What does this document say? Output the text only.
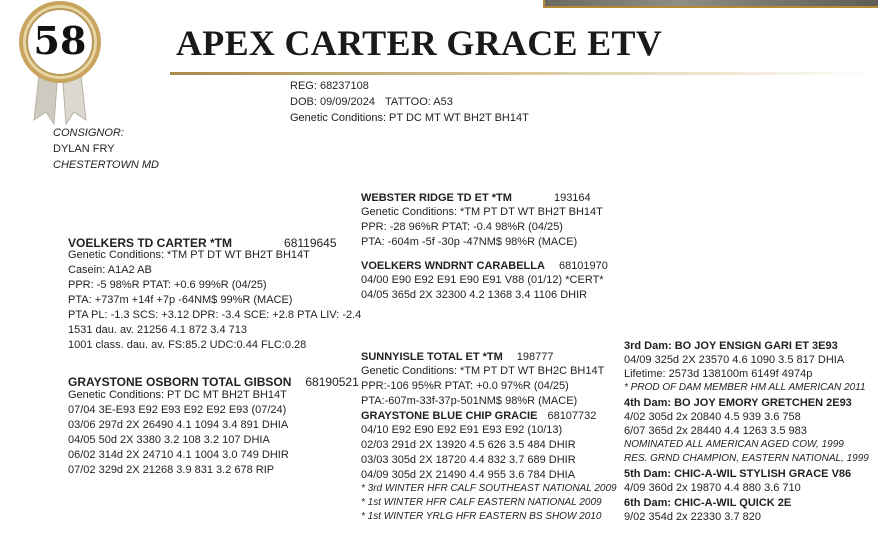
58	APEX CARTER GRACE ETV
REG: 68237108
DOB: 09/09/2024 TATTOO: A53
Genetic Conditions: PT DC MT WT BH2T BH14T
CONSIGNOR:
DYLAN FRY
CHESTERTOWN MD
WEBSTER RIDGE TD ET *TM	193164
Genetic Conditions: *TM PT DT WT BH2T BH14T
PPR: -28 96%R PTAT: -0.4 98%R (04/25)
PTA: -604m -5f -30p -47NM$ 98%R (MACE)
VOELKERS WNDRNT CARABELLA 68101970
04/00 E90 E92 E91 E90 E91 V88 (01/12) *CERT*
04/05 365d 2X 32300 4.2 1368 3.4 1106 DHIR
VOELKERS TD CARTER *TM	68119645
Genetic Conditions: *TM PT DT WT BH2T BH14T
Casein: A1A2 AB
PPR: -5 98%R PTAT: +0.6 99%R (04/25)
PTA: +737m +14f +7p -64NM$ 99%R (MACE)
PTA PL: -1.3 SCS: +3.12 DPR: -3.4 SCE: +2.8 PTA LIV: -2.4
1531 dau. av. 21256 4.1 872 3.4 713
1001 class. dau. av. FS:85.2 UDC:0.44 FLC:0.28
SUNNYISLE TOTAL ET *TM 198777
Genetic Conditions: *TM PT DT WT BH2C BH14T
PPR:-106 95%R PTAT: +0.0 97%R (04/25)
PTA:-607m-33f-37p-501NM$ 98%R (MACE)
GRAYSTONE OSBORN TOTAL GIBSON 68190521
Genetic Conditions: PT DC MT BH2T BH14T
07/04 3E-E93 E92 E93 E92 E92 E93 (07/24)
03/06 297d 2X 26490 4.1 1094 3.4 891 DHIA
04/05 50d 2X 3380 3.2 108 3.2 107 DHIA
06/02 314d 2X 24710 4.1 1004 3.0 749 DHIR
07/02 329d 2X 21268 3.9 831 3.2 678 RIP
GRAYSTONE BLUE CHIP GRACIE 68107732
04/10 E92 E90 E92 E91 E93 E92 (10/13)
02/03 291d 2X 13920 4.5 626 3.5 484 DHIR
03/03 305d 2X 18720 4.4 832 3.7 689 DHIR
04/09 305d 2X 21490 4.4 955 3.6 784 DHIA
* 3rd WINTER HFR CALF SOUTHEAST NATIONAL 2009
* 1st WINTER HFR CALF EASTERN NATIONAL 2009
* 1st WINTER YRLG HFR EASTERN BS SHOW 2010
3rd Dam: BO JOY ENSIGN GARI ET 3E93
04/09 325d 2X 23570 4.6 1090 3.5 817 DHIA
Lifetime: 2573d 138100m 6149f 4974p
* PROD OF DAM MEMBER HM ALL AMERICAN 2011
4th Dam: BO JOY EMORY GRETCHEN 2E93
4/02 305d 2x 20840 4.5 939 3.6 758
6/07 365d 2x 28440 4.4 1263 3.5 983
NOMINATED ALL AMERICAN AGED COW, 1999
RES. GRND CHAMPION, EASTERN NATIONAL, 1999
5th Dam: CHIC-A-WIL STYLISH GRACE V86
4/09 360d 2x 19870 4.4 880 3.6 710
6th Dam: CHIC-A-WIL QUICK 2E
9/02 354d 2x 22330 3.7 820
